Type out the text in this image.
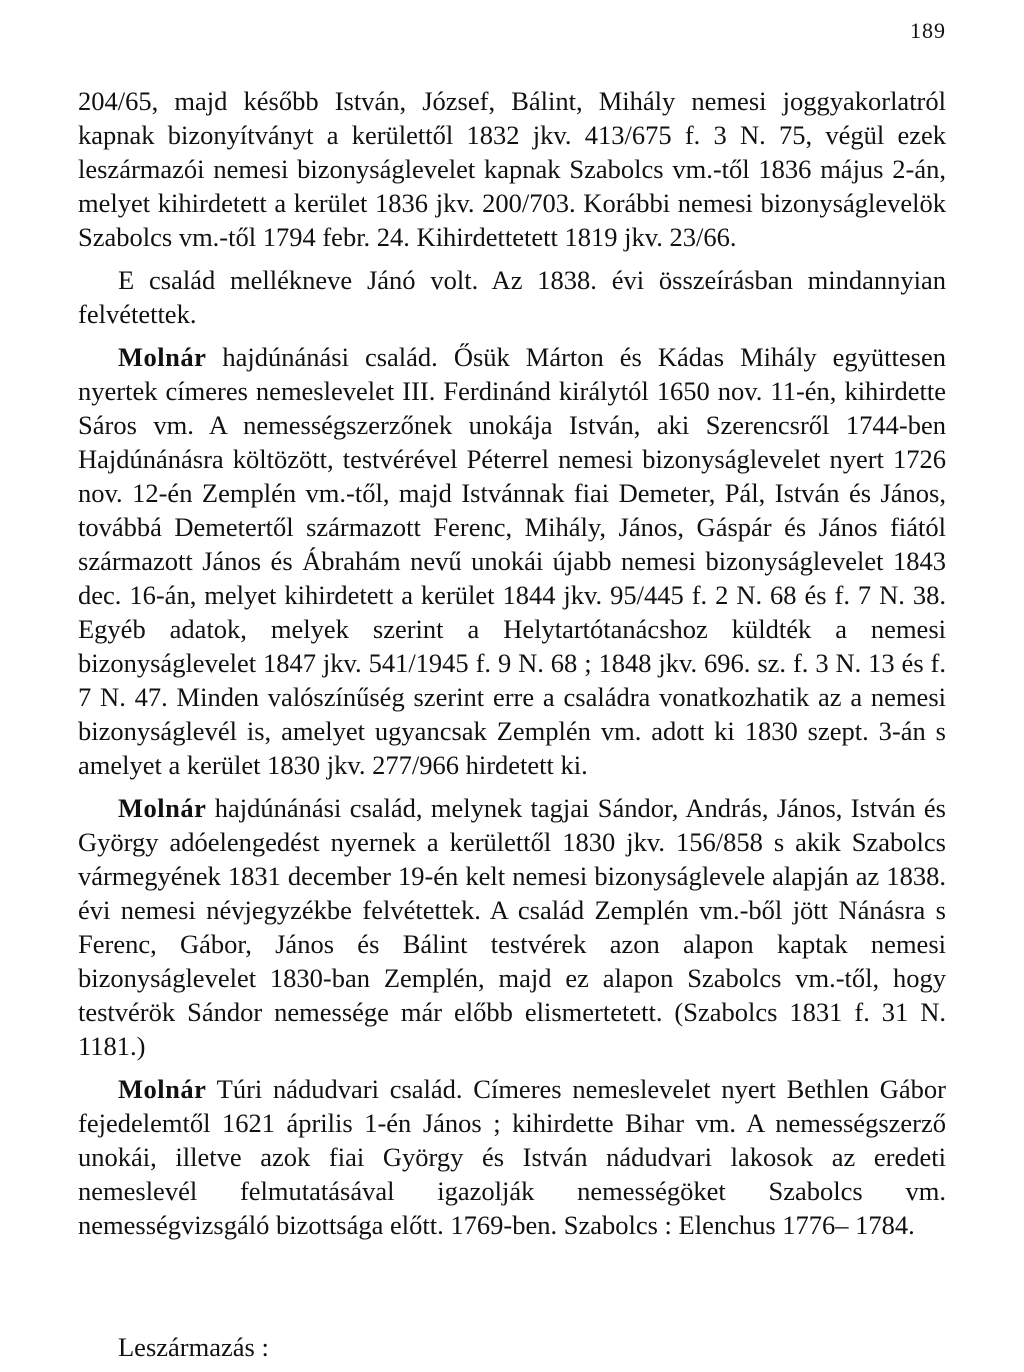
189

204/65, majd később István, József, Bálint, Mihály nemesi joggyakorlatról kapnak bizonyítványt a kerülettől 1832 jkv. 413/675 f. 3 N. 75, végül ezek leszármazói nemesi bizonyságlevelet kapnak Szabolcs vm.-től 1836 május 2-án, melyet kihirdetett a kerület 1836 jkv. 200/703. Korábbi nemesi bizonyságlevelök Szabolcs vm.-től 1794 febr. 24. Kihirdettetett 1819 jkv. 23/66.

E család mellékneve Jánó volt. Az 1838. évi összeírásban mindannyian felvétettek.

Molnár hajdúnánási család. Ősük Márton és Kádas Mihály együttesen nyertek címeres nemeslevelet III. Ferdinánd királytól 1650 nov. 11-én, kihirdette Sáros vm. A nemességszerzőnek unokája István, aki Szerencsről 1744-ben Hajdúnánásra költözött, testvérével Péterrel nemesi bizonyságlevelet nyert 1726 nov. 12-én Zemplén vm.-től, majd Istvánnak fiai Demeter, Pál, István és János, továbbá Demetertől származott Ferenc, Mihály, János, Gáspár és János fiától származott János és Ábrahám nevű unokái újabb nemesi bizonyságlevelet 1843 dec. 16-án, melyet kihirdetett a kerület 1844 jkv. 95/445 f. 2 N. 68 és f. 7 N. 38. Egyéb adatok, melyek szerint a Helytartótanácshoz küldték a nemesi bizonyságlevelet 1847 jkv. 541/1945 f. 9 N. 68 ; 1848 jkv. 696. sz. f. 3 N. 13 és f. 7 N. 47. Minden valószínűség szerint erre a családra vonatkozhatik az a nemesi bizonyságlevél is, amelyet ugyancsak Zemplén vm. adott ki 1830 szept. 3-án s amelyet a kerület 1830 jkv. 277/966 hirdetett ki.

Molnár hajdúnánási család, melynek tagjai Sándor, András, János, István és György adóelengedést nyernek a kerülettől 1830 jkv. 156/858 s akik Szabolcs vármegyének 1831 december 19-én kelt nemesi bizonyságlevele alapján az 1838. évi nemesi névjegyzékbe felvétettek. A család Zemplén vm.-ből jött Nánásra s Ferenc, Gábor, János és Bálint testvérek azon alapon kaptak nemesi bizonyságlevelet 1830-ban Zemplén, majd ez alapon Szabolcs vm.-től, hogy testvérök Sándor nemessége már előbb elismertetett. (Szabolcs 1831 f. 31 N. 1181.)

Molnár Túri nádudvari család. Címeres nemeslevelet nyert Bethlen Gábor fejedelemtől 1621 április 1-én János ; kihirdette Bihar vm. A nemességszerző unokái, illetve azok fiai György és István nádudvari lakosok az eredeti nemeslevél felmutatásával igazolják nemességöket Szabolcs vm. nemességvizsgáló bizottsága előtt. 1769-ben. Szabolcs : Elenchus 1776– 1784.

Leszármazás :
